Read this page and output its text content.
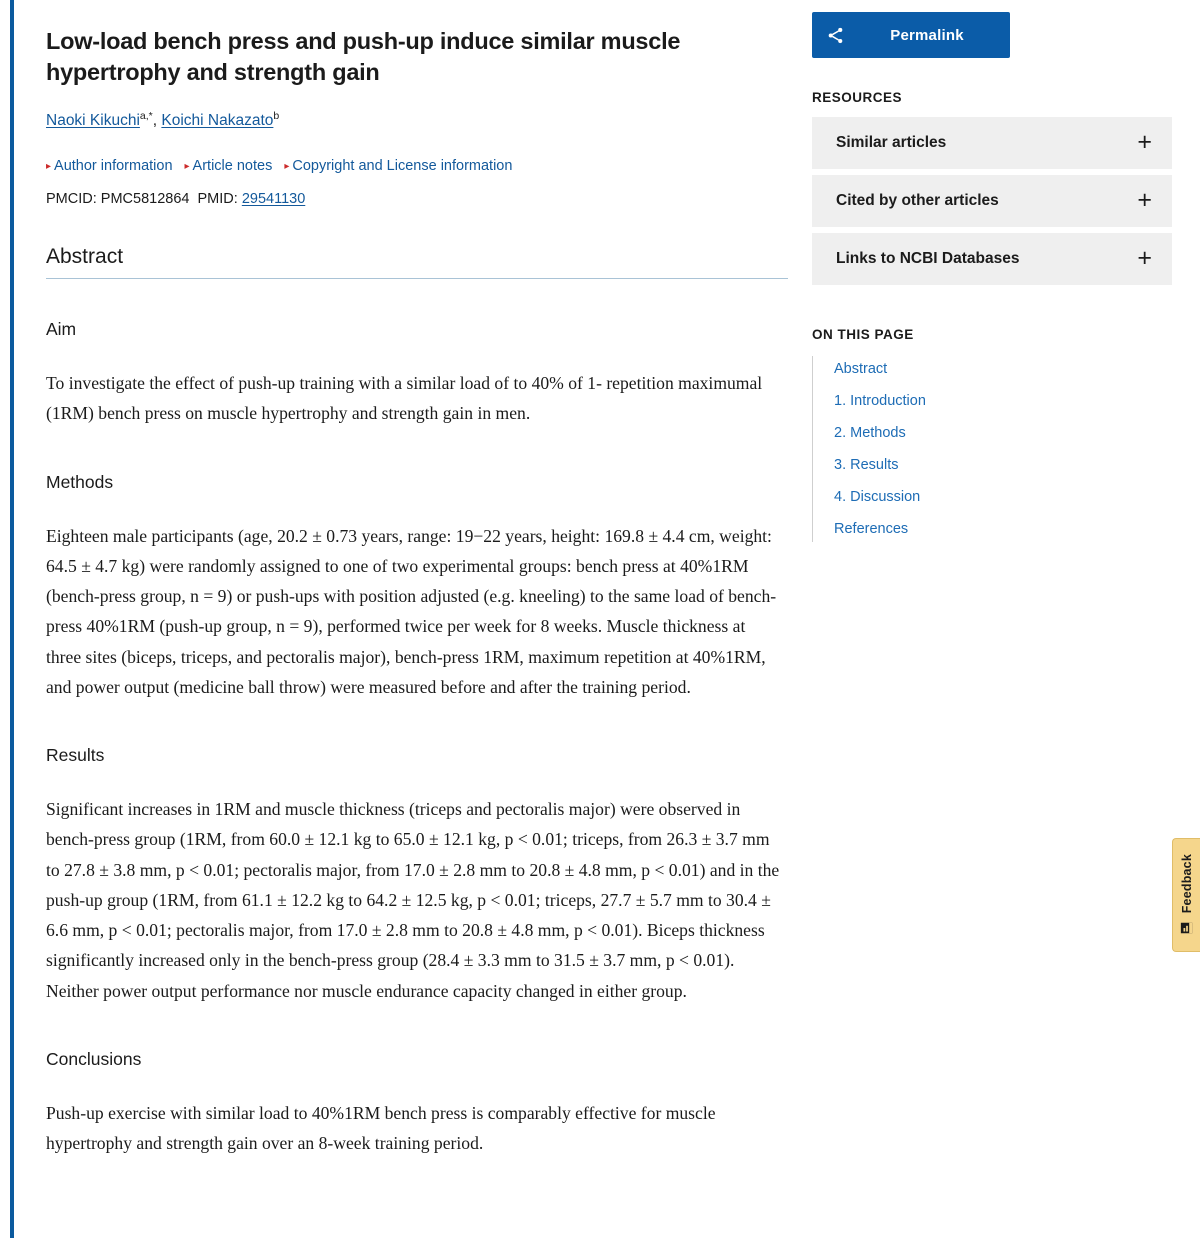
Low-load bench press and push-up induce similar muscle hypertrophy and strength gain
Naoki Kikuchi$^{a,*}$, Koichi Nakazato$^b$
▸ Author information ▸ Article notes ▸ Copyright and License information
PMCID: PMC5812864 PMID: 29541130
Abstract
Aim

To investigate the effect of push-up training with a similar load of to 40% of 1- repetition maximumal (1RM) bench press on muscle hypertrophy and strength gain in men.

Methods

Eighteen male participants (age, 20.2 ± 0.73 years, range: 19−22 years, height: 169.8 ± 4.4 cm, weight: 64.5 ± 4.7 kg) were randomly assigned to one of two experimental groups: bench press at 40%1RM (bench-press group, n = 9) or push-ups with position adjusted (e.g. kneeling) to the same load of bench-press 40%1RM (push-up group, n = 9), performed twice per week for 8 weeks. Muscle thickness at three sites (biceps, triceps, and pectoralis major), bench-press 1RM, maximum repetition at 40%1RM, and power output (medicine ball throw) were measured before and after the training period.

Results

Significant increases in 1RM and muscle thickness (triceps and pectoralis major) were observed in bench-press group (1RM, from 60.0 ± 12.1 kg to 65.0 ± 12.1 kg, p < 0.01; triceps, from 26.3 ± 3.7 mm to 27.8 ± 3.8 mm, p < 0.01; pectoralis major, from 17.0 ± 2.8 mm to 20.8 ± 4.8 mm, p < 0.01) and in the push-up group (1RM, from 61.1 ± 12.2 kg to 64.2 ± 12.5 kg, p < 0.01; triceps, 27.7 ± 5.7 mm to 30.4 ± 6.6 mm, p < 0.01; pectoralis major, from 17.0 ± 2.8 mm to 20.8 ± 4.8 mm, p < 0.01). Biceps thickness significantly increased only in the bench-press group (28.4 ± 3.3 mm to 31.5 ± 3.7 mm, p < 0.01). Neither power output performance nor muscle endurance capacity changed in either group.

Conclusions

Push-up exercise with similar load to 40%1RM bench press is comparably effective for muscle hypertrophy and strength gain over an 8-week training period.

Permalink
RESOURCES
Similar articles	+
Cited by other articles	+
Links to NCBI Databases	+
ON THIS PAGE
Abstract
1. Introduction
2. Methods
3. Results
4. Discussion
References
Feedback
